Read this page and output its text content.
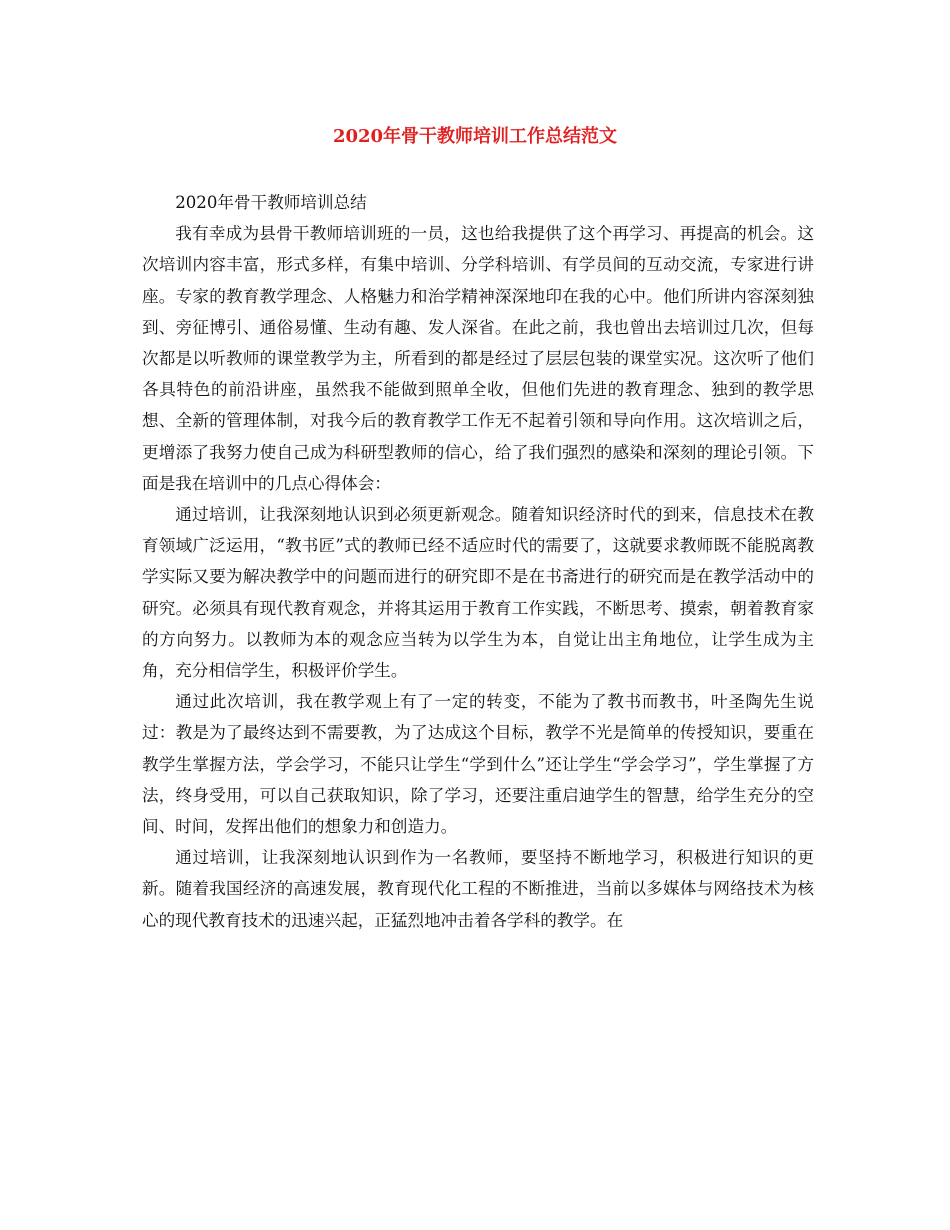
2020年骨干教师培训工作总结范文

2020年骨干教师培训总结

我有幸成为县骨干教师培训班的一员，这也给我提供了这个再学习、再提高的机会。这次培训内容丰富，形式多样，有集中培训、分学科培训、有学员间的互动交流，专家进行讲座。专家的教育教学理念、人格魅力和治学精神深深地印在我的心中。他们所讲内容深刻独到、旁征博引、通俗易懂、生动有趣、发人深省。在此之前，我也曾出去培训过几次，但每次都是以听教师的课堂教学为主，所看到的都是经过了层层包装的课堂实况。这次听了他们各具特色的前沿讲座，虽然我不能做到照单全收，但他们先进的教育理念、独到的教学思想、全新的管理体制，对我今后的教育教学工作无不起着引领和导向作用。这次培训之后，更增添了我努力使自己成为科研型教师的信心，给了我们强烈的感染和深刻的理论引领。下面是我在培训中的几点心得体会：

通过培训，让我深刻地认识到必须更新观念。随着知识经济时代的到来，信息技术在教育领域广泛运用，“教书匠”式的教师已经不适应时代的需要了，这就要求教师既不能脱离教学实际又要为解决教学中的问题而进行的研究即不是在书斋进行的研究而是在教学活动中的研究。必须具有现代教育观念，并将其运用于教育工作实践，不断思考、摸索，朝着教育家的方向努力。以教师为本的观念应当转为以学生为本，自觉让出主角地位，让学生成为主角，充分相信学生，积极评价学生。

通过此次培训，我在教学观上有了一定的转变，不能为了教书而教书，叶圣陶先生说过：教是为了最终达到不需要教，为了达成这个目标，教学不光是简单的传授知识，要重在教学生掌握方法，学会学习，不能只让学生“学到什么”还让学生“学会学习”，学生掌握了方法，终身受用，可以自己获取知识，除了学习，还要注重启迪学生的智慧，给学生充分的空间、时间，发挥出他们的想象力和创造力。

通过培训，让我深刻地认识到作为一名教师，要坚持不断地学习，积极进行知识的更新。随着我国经济的高速发展，教育现代化工程的不断推进，当前以多媒体与网络技术为核心的现代教育技术的迅速兴起，正猛烈地冲击着各学科的教学。在
